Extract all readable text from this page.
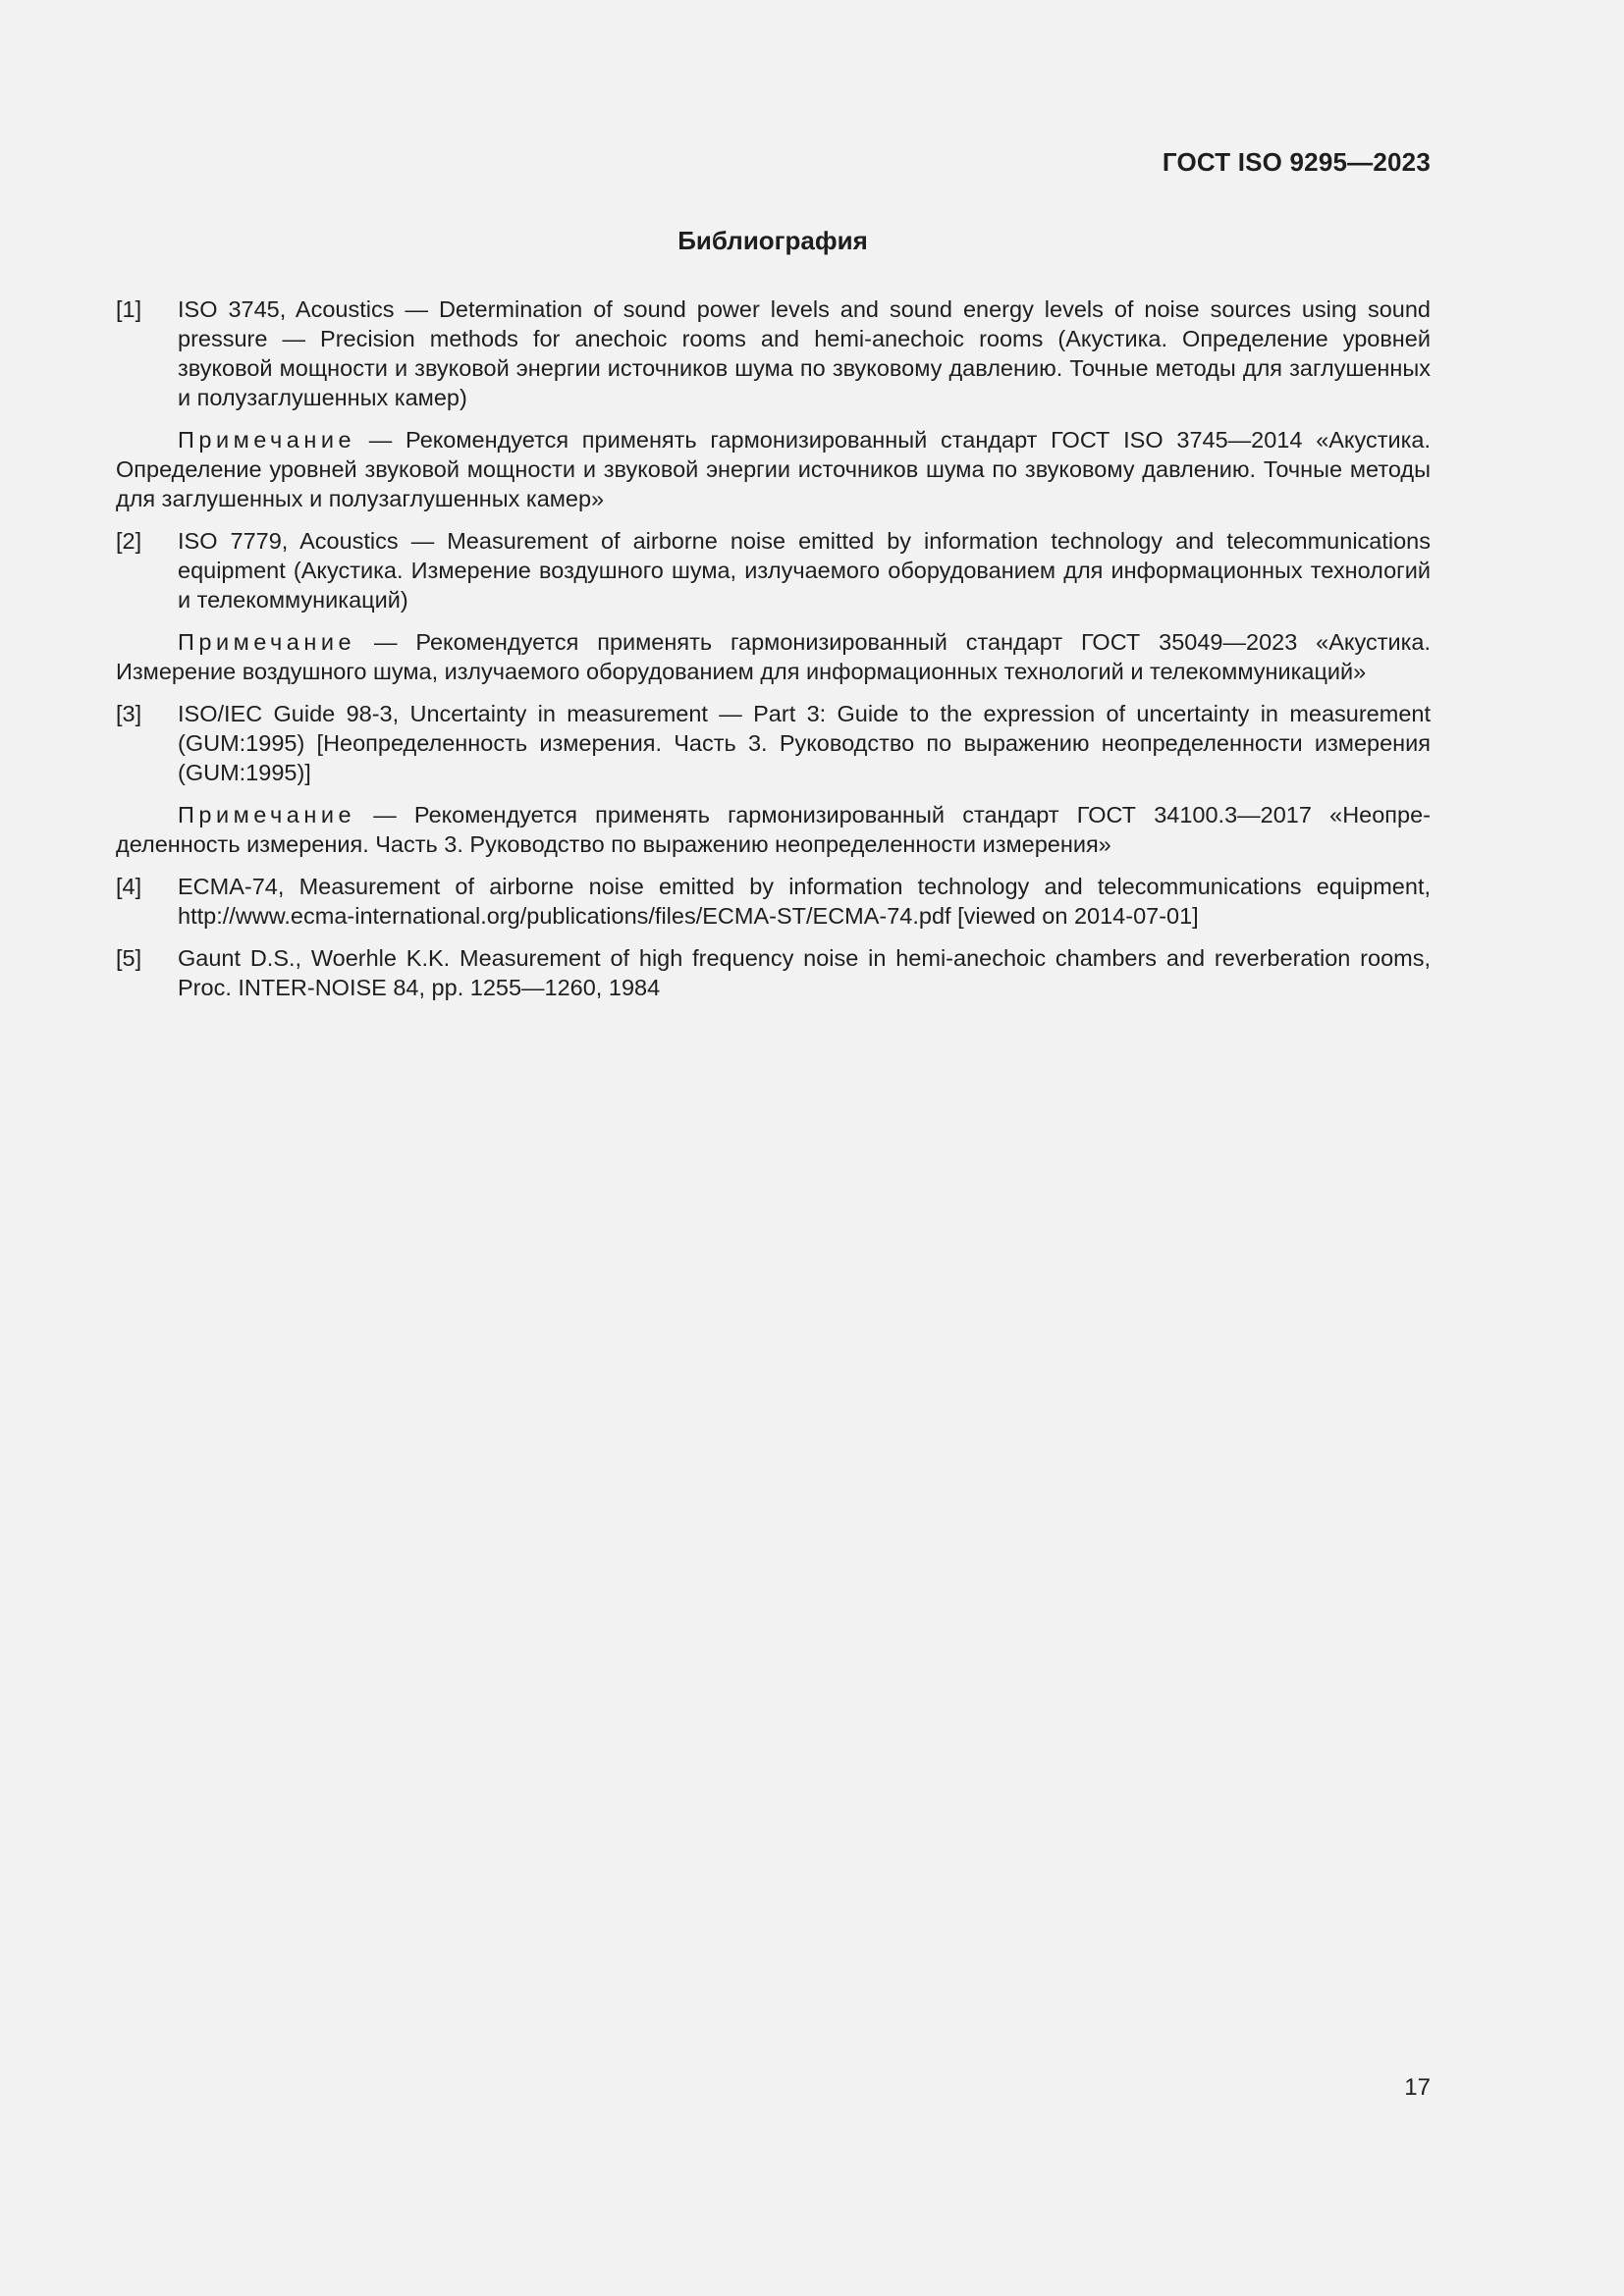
ГОСТ ISO 9295—2023
Библиография
[1] ISO 3745, Acoustics — Determination of sound power levels and sound energy levels of noise sources using sound pressure — Precision methods for anechoic rooms and hemi-anechoic rooms (Акустика. Определение уровней звуковой мощности и звуковой энергии источников шума по звуковому давлению. Точные методы для заглушенных и полузаглушенных камер)
Примечание — Рекомендуется применять гармонизированный стандарт ГОСТ ISO 3745—2014 «Акустика. Определение уровней звуковой мощности и звуковой энергии источников шума по звуковому давлению. Точные методы для заглушенных и полузаглушенных камер»
[2] ISO 7779, Acoustics — Measurement of airborne noise emitted by information technology and telecommunications equipment (Акустика. Измерение воздушного шума, излучаемого оборудованием для информационных технологий и телекоммуникаций)
Примечание — Рекомендуется применять гармонизированный стандарт ГОСТ 35049—2023 «Акустика. Измерение воздушного шума, излучаемого оборудованием для информационных технологий и телекоммуникаций»
[3] ISO/IEC Guide 98-3, Uncertainty in measurement — Part 3: Guide to the expression of uncertainty in measurement (GUM:1995) [Неопределенность измерения. Часть 3. Руководство по выражению неопределенности измерения (GUM:1995)]
Примечание — Рекомендуется применять гармонизированный стандарт ГОСТ 34100.3—2017 «Неопределенность измерения. Часть 3. Руководство по выражению неопределенности измерения»
[4] ECMA-74, Measurement of airborne noise emitted by information technology and telecommunications equipment, http://www.ecma-international.org/publications/files/ECMA-ST/ECMA-74.pdf [viewed on 2014-07-01]
[5] Gaunt D.S., Woerhle K.K. Measurement of high frequency noise in hemi-anechoic chambers and reverberation rooms, Proc. INTER-NOISE 84, pp. 1255—1260, 1984
17
